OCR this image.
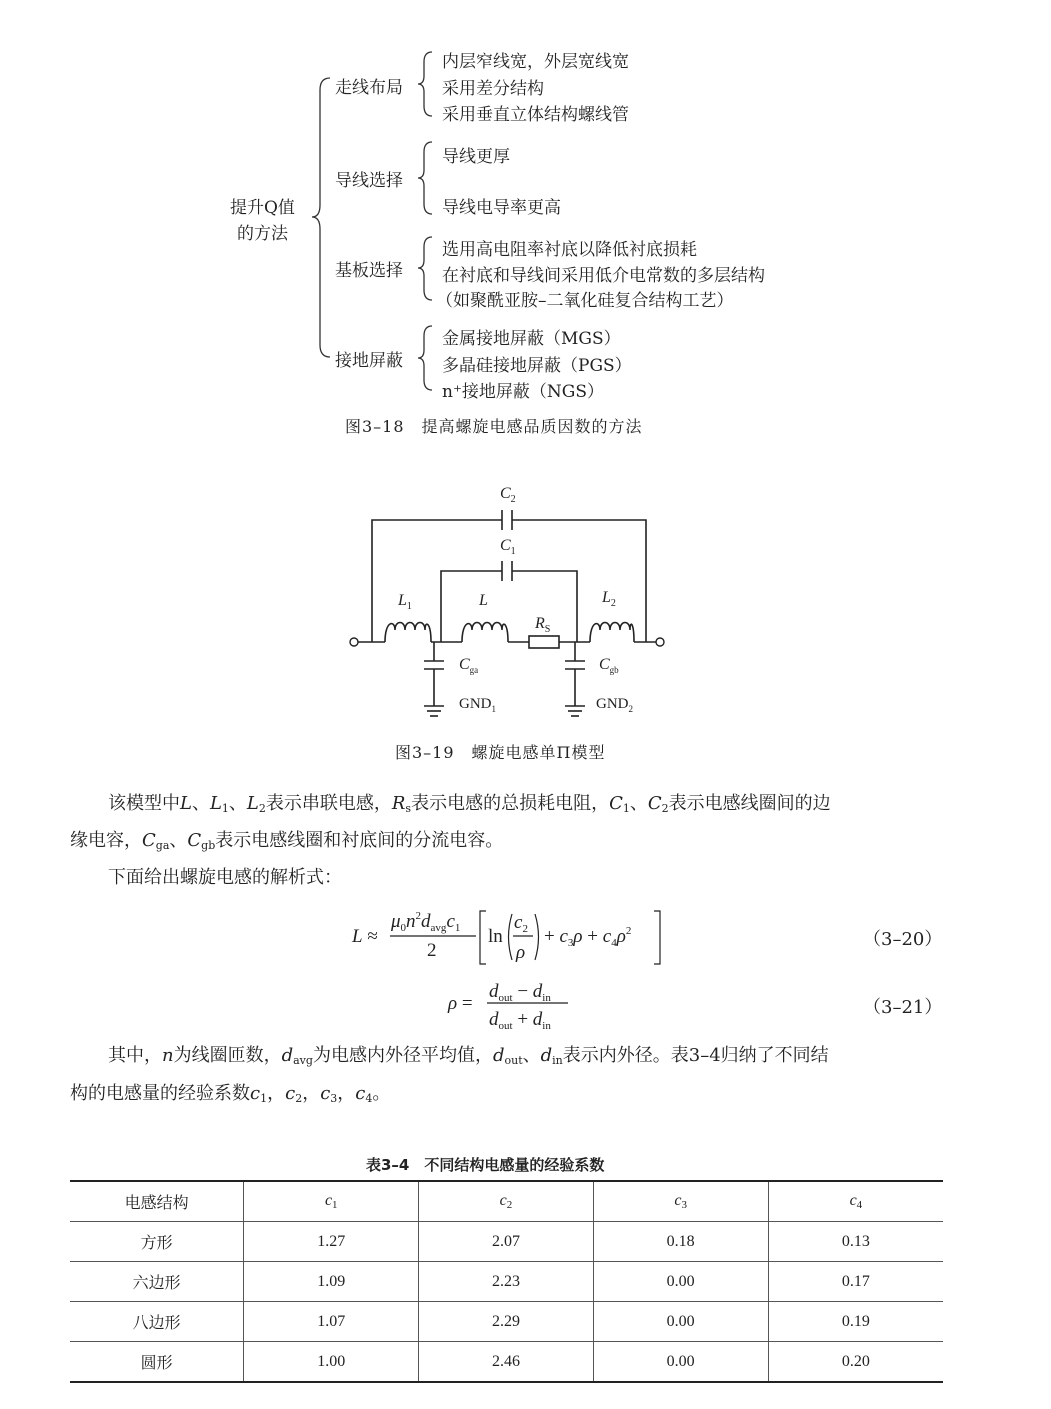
提升Q值
的方法
走线布局
内层窄线宽，外层宽线宽
采用差分结构
采用垂直立体结构螺线管
导线选择
导线更厚
导线电导率更高
基板选择
选用高电阻率衬底以降低衬底损耗
在衬底和导线间采用低介电常数的多层结构
（如聚酰亚胺–二氧化硅复合结构工艺）
接地屏蔽
金属接地屏蔽（MGS）
多晶硅接地屏蔽（PGS）
n⁺接地屏蔽（NGS）
图3–18　提高螺旋电感品质因数的方法
$C_2$
$C_1$
$L_1$	L	$L_2$
$R_S$
$C_{ga}$	$C_{gb}$
$GND_1$	$GND_2$
图3–19　螺旋电感单Π模型
该模型中L、$L_1$、$L_2$表示串联电感，$R_s$表示电感的总损耗电阻，$C_1$、$C_2$表示电感线圈间的边
缘电容，$C_{ga}$、$C_{gb}$表示电感线圈和衬底间的分流电容。
下面给出螺旋电感的解析式：
L ≈
$\mu_0n^2d_{avg}c_1$
2
ln
$c_2$
ρ
+ $c_3\rho + c_4\rho^2$
ρ =
$d_{out} - d_{in}$
$d_{out} + d_{in}$
（3–20）
（3–21）
其中，n为线圈匝数，$d_{avg}$为电感内外径平均值，$d_{out}$、$d_{in}$表示内外径。表3–4归纳了不同结
构的电感量的经验系数$c_1$，$c_2$，$c_3$，$c_4$。
表3–4　不同结构电感量的经验系数
电感结构	$c_1$	$c_2$	$c_3$	$c_4$
方形	1.27	2.07	0.18	0.13
六边形	1.09	2.23	0.00	0.17
八边形	1.07	2.29	0.00	0.19
圆形	1.00	2.46	0.00	0.20
